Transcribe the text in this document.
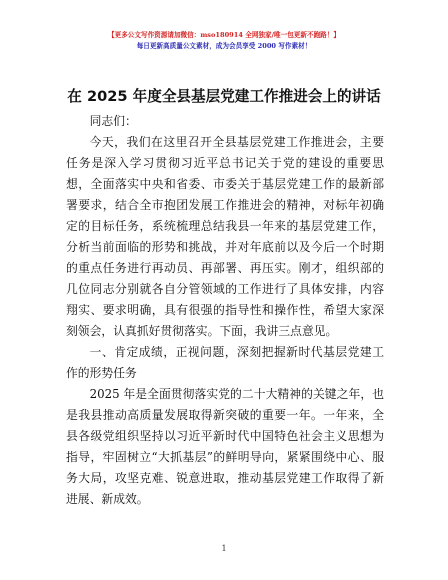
【更多公文写作资源请加微信：mso180914 全网独家/唯一包更新不跑路！】
每日更新高质量公文素材，成为会员享受 2000 写作素材！
在 2025 年度全县基层党建工作推进会上的讲话

同志们：

今天，我们在这里召开全县基层党建工作推进会，主要任务是深入学习贯彻习近平总书记关于党的建设的重要思想，全面落实中央和省委、市委关于基层党建工作的最新部署要求，结合全市抱团发展工作推进会的精神，对标年初确定的目标任务，系统梳理总结我县一年来的基层党建工作，分析当前面临的形势和挑战，并对年底前以及今后一个时期的重点任务进行再动员、再部署、再压实。刚才，组织部的几位同志分别就各自分管领域的工作进行了具体安排，内容翔实、要求明确，具有很强的指导性和操作性，希望大家深刻领会，认真抓好贯彻落实。下面，我讲三点意见。

一、肯定成绩，正视问题，深刻把握新时代基层党建工作的形势任务

2025 年是全面贯彻落实党的二十大精神的关键之年，也是我县推动高质量发展取得新突破的重要一年。一年来，全县各级党组织坚持以习近平新时代中国特色社会主义思想为指导，牢固树立“大抓基层”的鲜明导向，紧紧围绕中心、服务大局，攻坚克难、锐意进取，推动基层党建工作取得了新进展、新成效。

1
